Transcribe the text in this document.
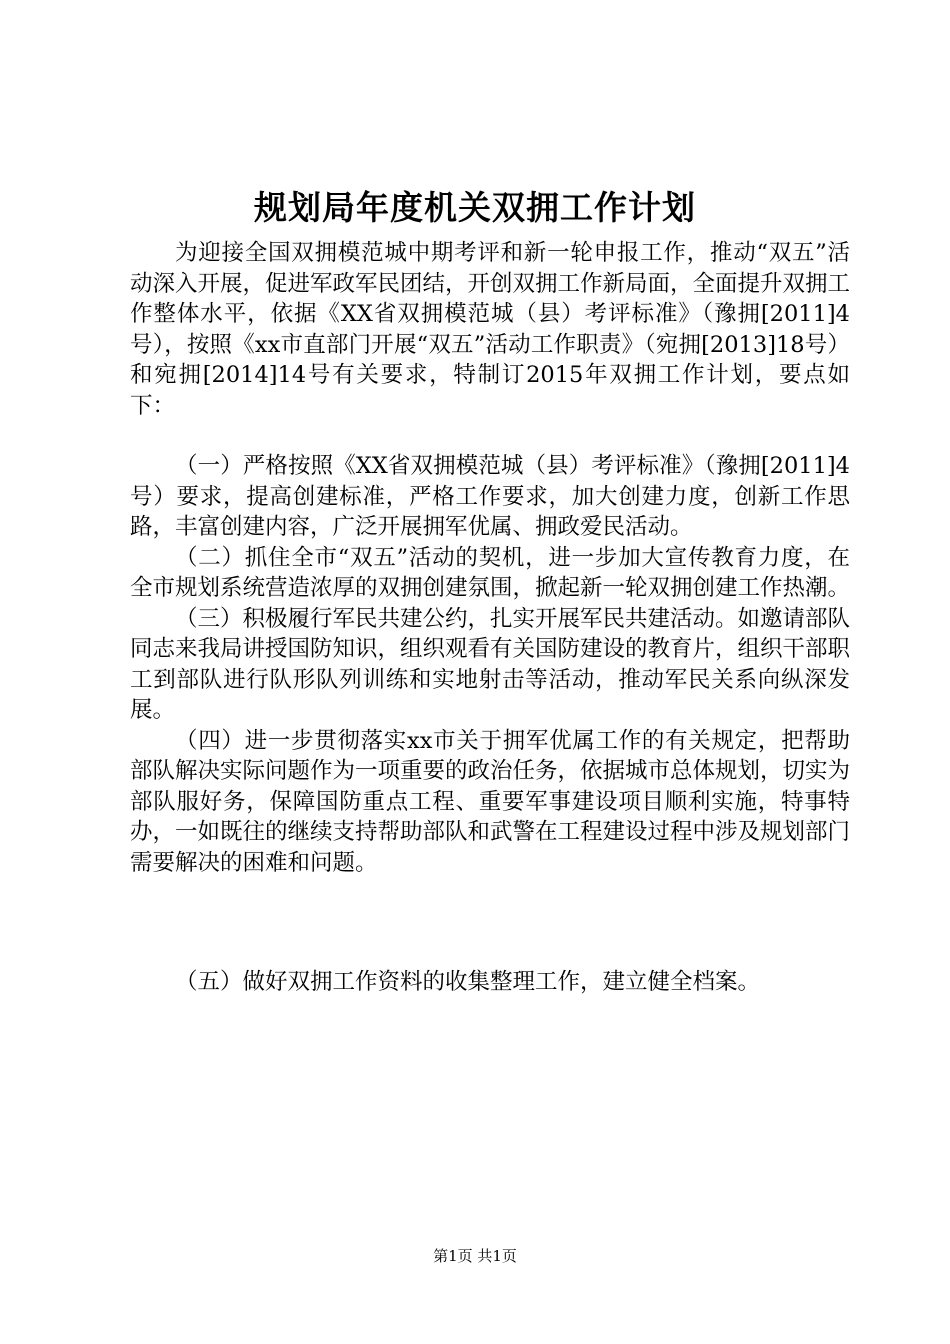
规划局年度机关双拥工作计划

为迎接全国双拥模范城中期考评和新一轮申报工作，推动“双五”活动深入开展，促进军政军民团结，开创双拥工作新局面，全面提升双拥工作整体水平，依据《XX省双拥模范城（县）考评标准》（豫拥[2011]4号），按照《xx市直部门开展“双五”活动工作职责》（宛拥[2013]18号）和宛拥[2014]14号有关要求，特制订2015年双拥工作计划，要点如下：

（一）严格按照《XX省双拥模范城（县）考评标准》（豫拥[2011]4号）要求，提高创建标准，严格工作要求，加大创建力度，创新工作思路，丰富创建内容，广泛开展拥军优属、拥政爱民活动。

（二）抓住全市“双五”活动的契机，进一步加大宣传教育力度，在全市规划系统营造浓厚的双拥创建氛围，掀起新一轮双拥创建工作热潮。

（三）积极履行军民共建公约，扎实开展军民共建活动。如邀请部队同志来我局讲授国防知识，组织观看有关国防建设的教育片，组织干部职工到部队进行队形队列训练和实地射击等活动，推动军民关系向纵深发展。

（四）进一步贯彻落实xx市关于拥军优属工作的有关规定，把帮助部队解决实际问题作为一项重要的政治任务，依据城市总体规划，切实为部队服好务，保障国防重点工程、重要军事建设项目顺利实施，特事特办，一如既往的继续支持帮助部队和武警在工程建设过程中涉及规划部门需要解决的困难和问题。

（五）做好双拥工作资料的收集整理工作，建立健全档案。

第1页 共1页
